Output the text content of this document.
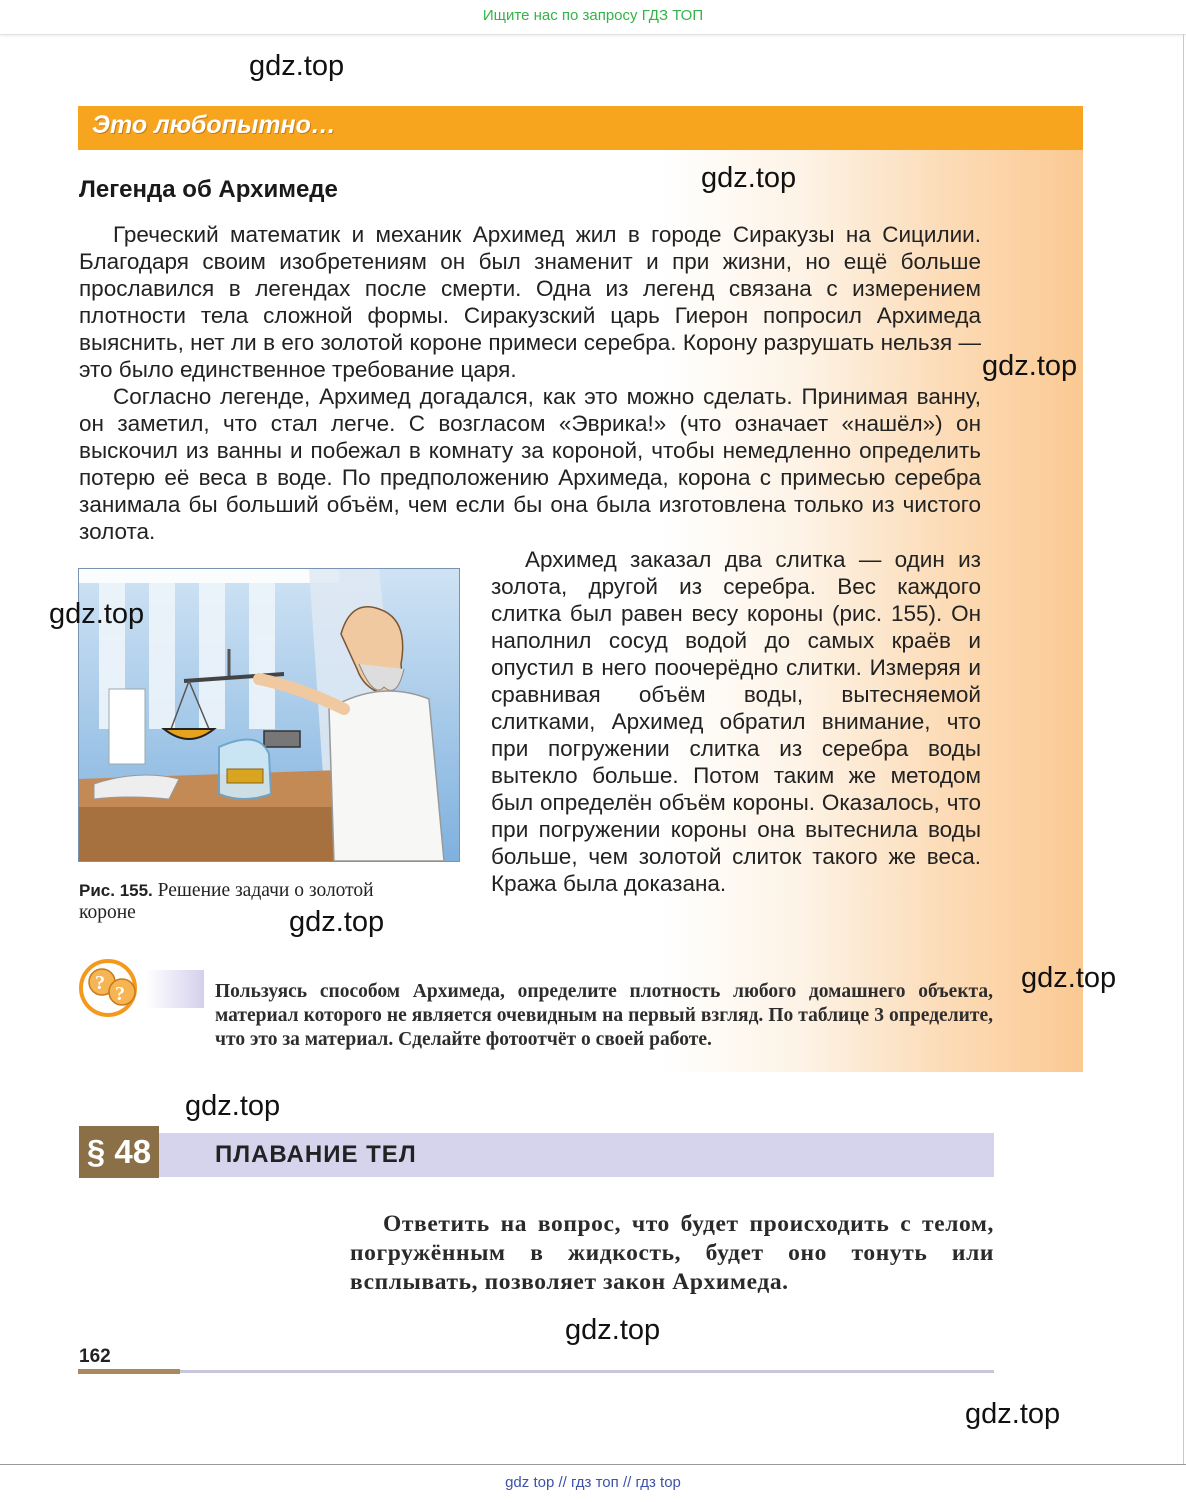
Ищите нас по запросу ГДЗ ТОП
Это любопытно…
Легенда об Архимеде

Греческий математик и механик Архимед жил в городе Сиракузы на Сицилии. Благодаря своим изобретениям он был знаменит и при жизни, но ещё больше прославился в легендах после смерти. Одна из легенд связана с измерением плотности тела сложной формы. Сиракузский царь Гиерон попросил Архимеда выяснить, нет ли в его золотой короне примеси серебра. Корону разрушать нельзя — это было единственное требование царя.

Согласно легенде, Архимед догадался, как это можно сделать. Принимая ванну, он заметил, что стал легче. С возгласом «Эврика!» (что означает «нашёл») он выскочил из ванны и побежал в комнату за короной, чтобы немедленно определить потерю её веса в воде. По предположению Архимеда, корона с примесью серебра занимала бы больший объём, чем если бы она была изготовлена только из чистого золота.

Архимед заказал два слитка — один из золота, другой из серебра. Вес каждого слитка был равен весу короны (рис. 155). Он наполнил сосуд водой до самых краёв и опустил в него поочерёдно слитки. Измеряя и сравнивая объём воды, вытесняемой слитками, Архимед обратил внимание, что при погружении слитка из серебра воды вытекло больше. Потом таким же методом был определён объём короны. Оказалось, что при погружении короны она вытеснила воды больше, чем золотой слиток такого же веса. Кража была доказана.

Рис. 155. Решение задачи о золотой короне
? ?	Пользуясь способом Архимеда, определите плотность любого домашнего объекта, материал которого не является очевидным на первый взгляд. По таблице 3 определите, что это за материал. Сделайте фотоотчёт о своей работе.

§ 48	ПЛАВАНИЕ ТЕЛ

Ответить на вопрос, что будет происходить с телом, погружённым в жидкость, будет оно тонуть или всплывать, позволяет закон Архимеда.

162
gdz.top
gdz.top
gdz.top
gdz.top
gdz.top
gdz.top
gdz.top
gdz.top
gdz.top
gdz top // гдз топ // гдз top
